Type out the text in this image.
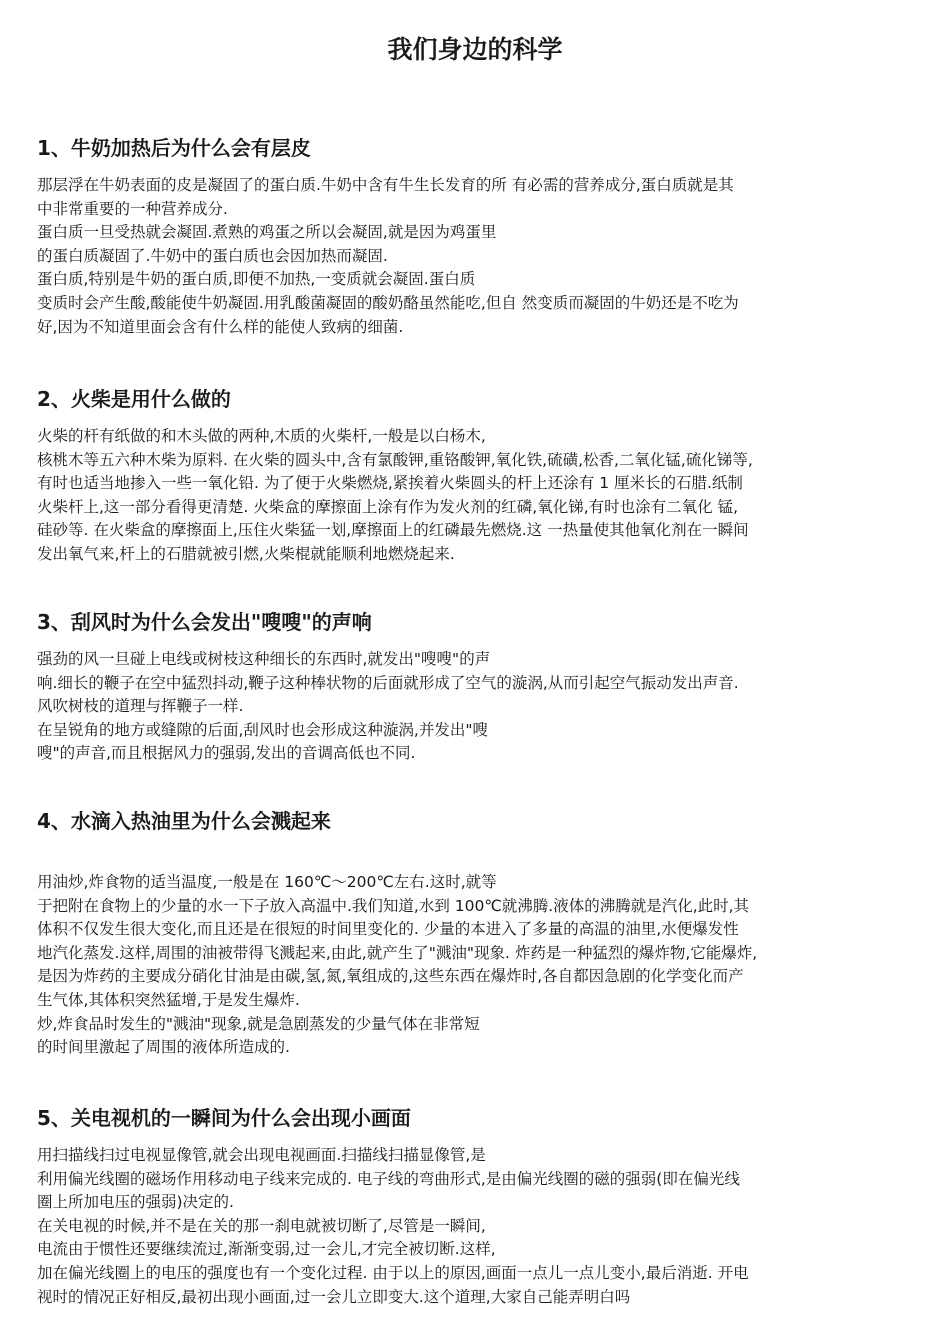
我们身边的科学
1、牛奶加热后为什么会有层皮
那层浮在牛奶表面的皮是凝固了的蛋白质.牛奶中含有牛生长发育的所 有必需的营养成分,蛋白质就是其
中非常重要的一种营养成分.
蛋白质一旦受热就会凝固.煮熟的鸡蛋之所以会凝固,就是因为鸡蛋里
的蛋白质凝固了.牛奶中的蛋白质也会因加热而凝固.
蛋白质,特别是牛奶的蛋白质,即便不加热,一变质就会凝固.蛋白质
变质时会产生酸,酸能使牛奶凝固.用乳酸菌凝固的酸奶酪虽然能吃,但自 然变质而凝固的牛奶还是不吃为
好,因为不知道里面会含有什么样的能使人致病的细菌.
2、火柴是用什么做的
火柴的杆有纸做的和木头做的两种,木质的火柴杆,一般是以白杨木,
核桃木等五六种木柴为原料. 在火柴的圆头中,含有氯酸钾,重铬酸钾,氧化铁,硫磺,松香,二氧化锰,硫化锑等,
有时也适当地掺入一些一氧化铅. 为了便于火柴燃烧,紧挨着火柴圆头的杆上还涂有 1 厘米长的石腊.纸制
火柴杆上,这一部分看得更清楚. 火柴盒的摩擦面上涂有作为发火剂的红磷,氧化锑,有时也涂有二氧化 锰,
硅砂等. 在火柴盒的摩擦面上,压住火柴猛一划,摩擦面上的红磷最先燃烧.这 一热量使其他氧化剂在一瞬间
发出氧气来,杆上的石腊就被引燃,火柴棍就能顺利地燃烧起来.
3、刮风时为什么会发出"嗖嗖"的声响
强劲的风一旦碰上电线或树枝这种细长的东西时,就发出"嗖嗖"的声
响.细长的鞭子在空中猛烈抖动,鞭子这种棒状物的后面就形成了空气的漩涡,从而引起空气振动发出声音.
风吹树枝的道理与挥鞭子一样.
在呈锐角的地方或缝隙的后面,刮风时也会形成这种漩涡,并发出"嗖
嗖"的声音,而且根据风力的强弱,发出的音调高低也不同.
4、水滴入热油里为什么会溅起来
用油炒,炸食物的适当温度,一般是在 160℃～200℃左右.这时,就等
于把附在食物上的少量的水一下子放入高温中.我们知道,水到 100℃就沸腾.液体的沸腾就是汽化,此时,其
体积不仅发生很大变化,而且还是在很短的时间里变化的. 少量的本进入了多量的高温的油里,水便爆发性
地汽化蒸发.这样,周围的油被带得飞溅起来,由此,就产生了"溅油"现象. 炸药是一种猛烈的爆炸物,它能爆炸,
是因为炸药的主要成分硝化甘油是由碳,氢,氮,氧组成的,这些东西在爆炸时,各自都因急剧的化学变化而产
生气体,其体积突然猛增,于是发生爆炸.
炒,炸食品时发生的"溅油"现象,就是急剧蒸发的少量气体在非常短
的时间里激起了周围的液体所造成的.
5、关电视机的一瞬间为什么会出现小画面
用扫描线扫过电视显像管,就会出现电视画面.扫描线扫描显像管,是
利用偏光线圈的磁场作用移动电子线来完成的. 电子线的弯曲形式,是由偏光线圈的磁的强弱(即在偏光线
圈上所加电压的强弱)决定的.
在关电视的时候,并不是在关的那一刹电就被切断了,尽管是一瞬间,
电流由于惯性还要继续流过,渐渐变弱,过一会儿,才完全被切断.这样,
加在偏光线圈上的电压的强度也有一个变化过程. 由于以上的原因,画面一点儿一点儿变小,最后消逝. 开电
视时的情况正好相反,最初出现小画面,过一会儿立即变大.这个道理,大家自己能弄明白吗
